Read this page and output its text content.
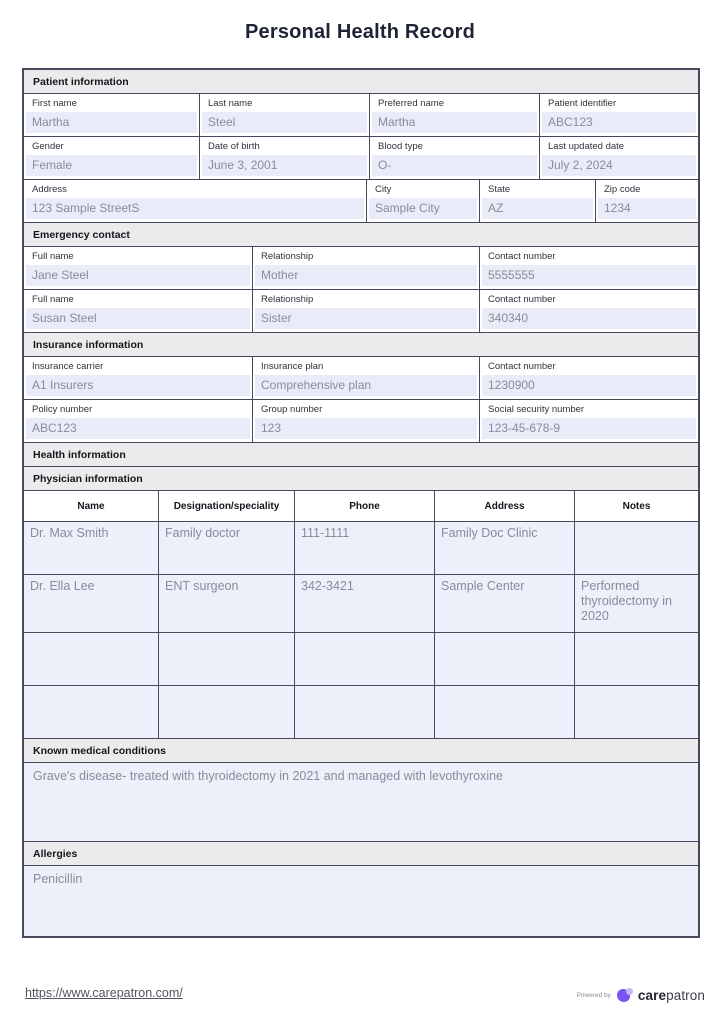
Personal Health Record
Patient information
First name
Martha
Last name
Steel
Preferred name
Martha
Patient identifier
ABC123
Gender
Female
Date of birth
June 3, 2001
Blood type
O-
Last updated date
July 2, 2024
Address
123 Sample StreetS
City
Sample City
State
AZ
Zip code
1234
Emergency contact
Full name
Jane Steel
Relationship
Mother
Contact number
5555555
Full name
Susan Steel
Relationship
Sister
Contact number
340340
Insurance information
Insurance carrier
A1 Insurers
Insurance plan
Comprehensive plan
Contact number
1230900
Policy number
ABC123
Group number
123
Social security number
123-45-678-9
Health information
Physician information
Name	Designation/speciality	Phone	Address	Notes
Dr. Max Smith	Family doctor	111-1111	Family Doc Clinic
Dr. Ella Lee	ENT surgeon	342-3421	Sample Center	Performed thyroidectomy in 2020
Known medical conditions
Grave's disease- treated with thyroidectomy in 2021 and managed with levothyroxine
Allergies
Penicillin
https://www.carepatron.com/	Powered by carepatron
